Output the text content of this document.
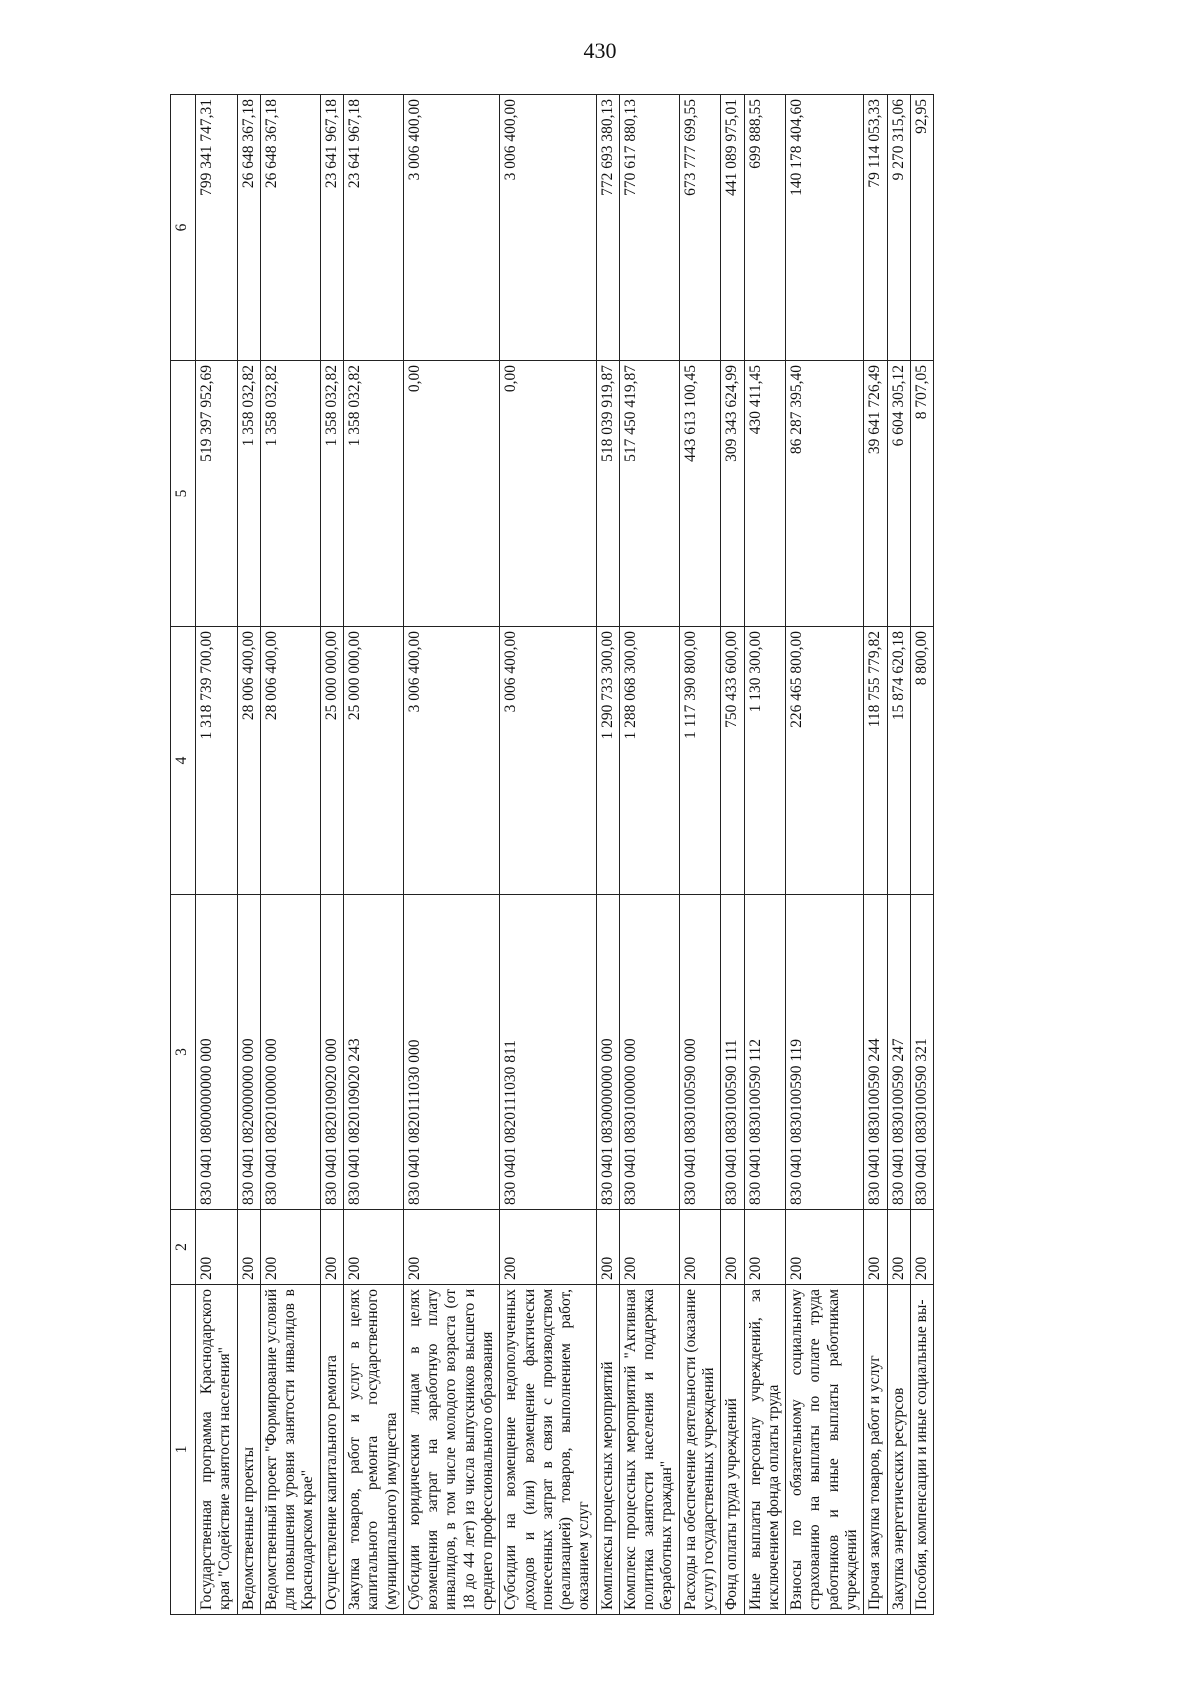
430
1	2	3	4	5	6
Государственная программа Краснодарского края "Содействие занятости населения"	200	830 0401 0800000000 000	1 318 739 700,00	519 397 952,69	799 341 747,31
Ведомственные проекты	200	830 0401 0820000000 000	28 006 400,00	1 358 032,82	26 648 367,18
Ведомственный проект "Формирование условий для повышения уровня занятости инвалидов в Краснодарском крае"	200	830 0401 0820100000 000	28 006 400,00	1 358 032,82	26 648 367,18
Осуществление капитального ремонта	200	830 0401 0820109020 000	25 000 000,00	1 358 032,82	23 641 967,18
Закупка товаров, работ и услуг в целях капитального ремонта государственного (муниципального) имущества	200	830 0401 0820109020 243	25 000 000,00	1 358 032,82	23 641 967,18
Субсидии юридическим лицам в целях возмещения затрат на заработную плату инвалидов, в том числе молодого возраста (от 18 до 44 лет) из числа выпускников высшего и среднего профессионального образования	200	830 0401 0820111030 000	3 006 400,00	0,00	3 006 400,00
Субсидии на возмещение недополученных доходов и (или) возмещение фактически понесенных затрат в связи с производством (реализацией) товаров, выполнением работ, оказанием услуг	200	830 0401 0820111030 811	3 006 400,00	0,00	3 006 400,00
Комплексы процессных мероприятий	200	830 0401 0830000000 000	1 290 733 300,00	518 039 919,87	772 693 380,13
Комплекс процессных мероприятий "Активная политика занятости населения и поддержка безработных граждан"	200	830 0401 0830100000 000	1 288 068 300,00	517 450 419,87	770 617 880,13
Расходы на обеспечение деятельности (оказание услуг) государственных учреждений	200	830 0401 0830100590 000	1 117 390 800,00	443 613 100,45	673 777 699,55
Фонд оплаты труда учреждений	200	830 0401 0830100590 111	750 433 600,00	309 343 624,99	441 089 975,01
Иные выплаты персоналу учреждений, за исключением фонда оплаты труда	200	830 0401 0830100590 112	1 130 300,00	430 411,45	699 888,55
Взносы по обязательному социальному страхованию на выплаты по оплате труда работников и иные выплаты работникам учреждений	200	830 0401 0830100590 119	226 465 800,00	86 287 395,40	140 178 404,60
Прочая закупка товаров, работ и услуг	200	830 0401 0830100590 244	118 755 779,82	39 641 726,49	79 114 053,33
Закупка энергетических ресурсов	200	830 0401 0830100590 247	15 874 620,18	6 604 305,12	9 270 315,06
Пособия, компенсации и иные социальные вы-	200	830 0401 0830100590 321	8 800,00	8 707,05	92,95
